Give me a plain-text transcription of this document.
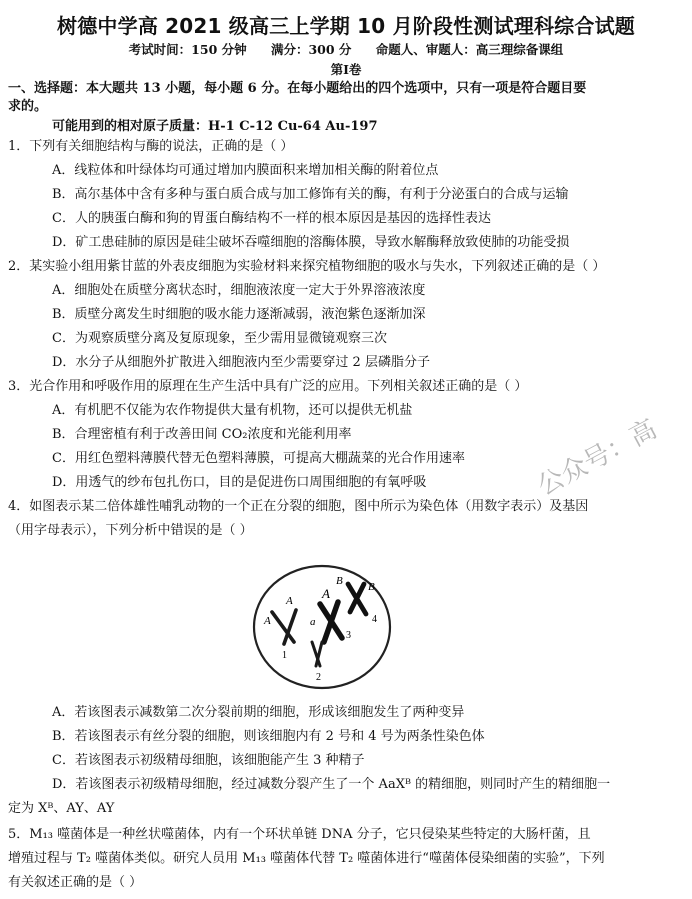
树德中学高 2021 级高三上学期 10 月阶段性测试理科综合试题
考试时间：150 分钟 满分：300 分 命题人、审题人：高三理综备课组
第Ⅰ卷
一、选择题：本大题共 13 小题，每小题 6 分。在每小题给出的四个选项中，只有一项是符合题目要
求的。
可能用到的相对原子质量：H-1 C-12 Cu-64 Au-197
1．下列有关细胞结构与酶的说法，正确的是（ ）
A．线粒体和叶绿体均可通过增加内膜面积来增加相关酶的附着位点
B．高尔基体中含有多种与蛋白质合成与加工修饰有关的酶，有利于分泌蛋白的合成与运输
C．人的胰蛋白酶和狗的胃蛋白酶结构不一样的根本原因是基因的选择性表达
D．矿工患硅肺的原因是硅尘破坏吞噬细胞的溶酶体膜，导致水解酶释放致使肺的功能受损
2．某实验小组用紫甘蓝的外表皮细胞为实验材料来探究植物细胞的吸水与失水，下列叙述正确的是（ ）
A．细胞处在质壁分离状态时，细胞液浓度一定大于外界溶液浓度
B．质壁分离发生时细胞的吸水能力逐渐减弱，液泡紫色逐渐加深
C．为观察质壁分离及复原现象，至少需用显微镜观察三次
D．水分子从细胞外扩散进入细胞液内至少需要穿过 2 层磷脂分子
3．光合作用和呼吸作用的原理在生产生活中具有广泛的应用。下列相关叙述正确的是（ ）
A．有机肥不仅能为农作物提供大量有机物，还可以提供无机盐
B．合理密植有利于改善田间 CO₂浓度和光能利用率
C．用红色塑料薄膜代替无色塑料薄膜，可提高大棚蔬菜的光合作用速率
D．用透气的纱布包扎伤口，目的是促进伤口周围细胞的有氧呼吸
4．如图表示某二倍体雄性哺乳动物的一个正在分裂的细胞，图中所示为染色体（用数字表示）及基因
（用字母表示），下列分析中错误的是（ ）
A
A
a
A
B B
1
2
3
4
A．若该图表示减数第二次分裂前期的细胞，形成该细胞发生了两种变异
B．若该图表示有丝分裂的细胞，则该细胞内有 2 号和 4 号为两条性染色体
C．若该图表示初级精母细胞，该细胞能产生 3 种精子
D．若该图表示初级精母细胞，经过减数分裂产生了一个 AaXᴮ 的精细胞，则同时产生的精细胞一
定为 Xᴮ、AY、AY
5．M₁₃ 噬菌体是一种丝状噬菌体，内有一个环状单链 DNA 分子，它只侵染某些特定的大肠杆菌，且
增殖过程与 T₂ 噬菌体类似。研究人员用 M₁₃ 噬菌体代替 T₂ 噬菌体进行“噬菌体侵染细菌的实验”，下列
有关叙述正确的是（ ）
公众号：高
